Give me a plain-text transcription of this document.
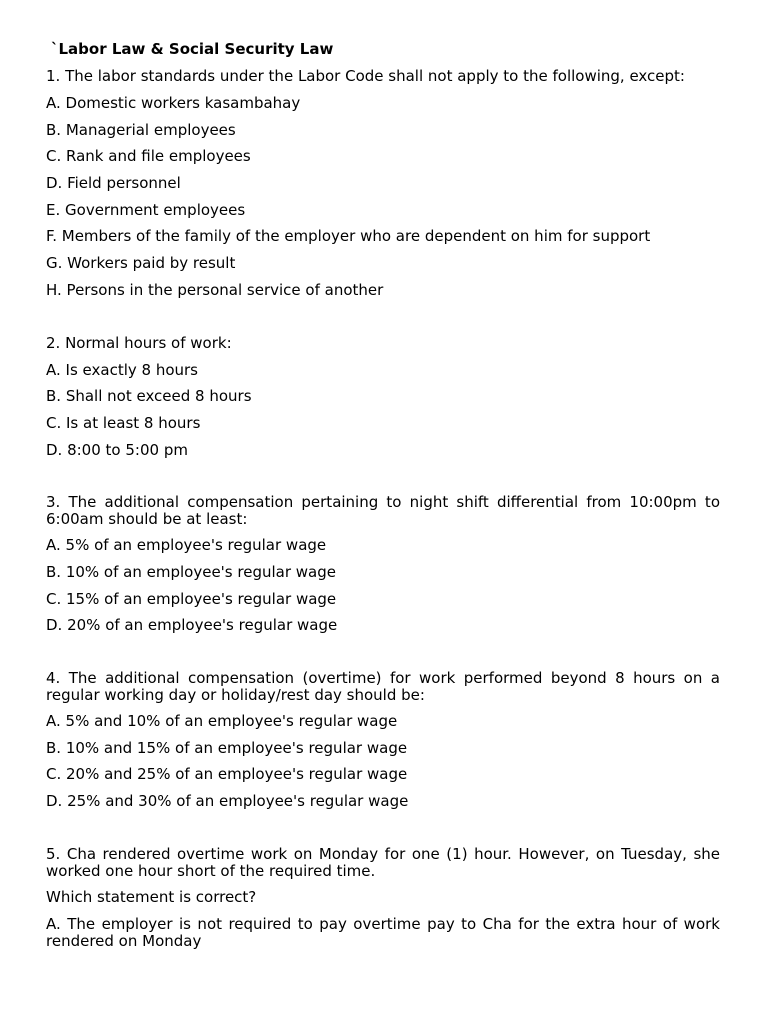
`Labor Law & Social Security Law
1. The labor standards under the Labor Code shall not apply to the following, except:
A. Domestic workers kasambahay
B. Managerial employees
C. Rank and file employees
D. Field personnel
E. Government employees
F. Members of the family of the employer who are dependent on him for support
G. Workers paid by result
H. Persons in the personal service of another
2. Normal hours of work:
A. Is exactly 8 hours
B. Shall not exceed 8 hours
C. Is at least 8 hours
D. 8:00 to 5:00 pm
3. The additional compensation pertaining to night shift differential from 10:00pm to 6:00am should be at least:
A. 5% of an employee's regular wage
B. 10% of an employee's regular wage
C. 15% of an employee's regular wage
D. 20% of an employee's regular wage
4. The additional compensation (overtime) for work performed beyond 8 hours on a regular working day or holiday/rest day should be:
A. 5% and 10% of an employee's regular wage
B. 10% and 15% of an employee's regular wage
C. 20% and 25% of an employee's regular wage
D. 25% and 30% of an employee's regular wage
5. Cha rendered overtime work on Monday for one (1) hour. However, on Tuesday, she worked one hour short of the required time.
Which statement is correct?
A. The employer is not required to pay overtime pay to Cha for the extra hour of work rendered on Monday
